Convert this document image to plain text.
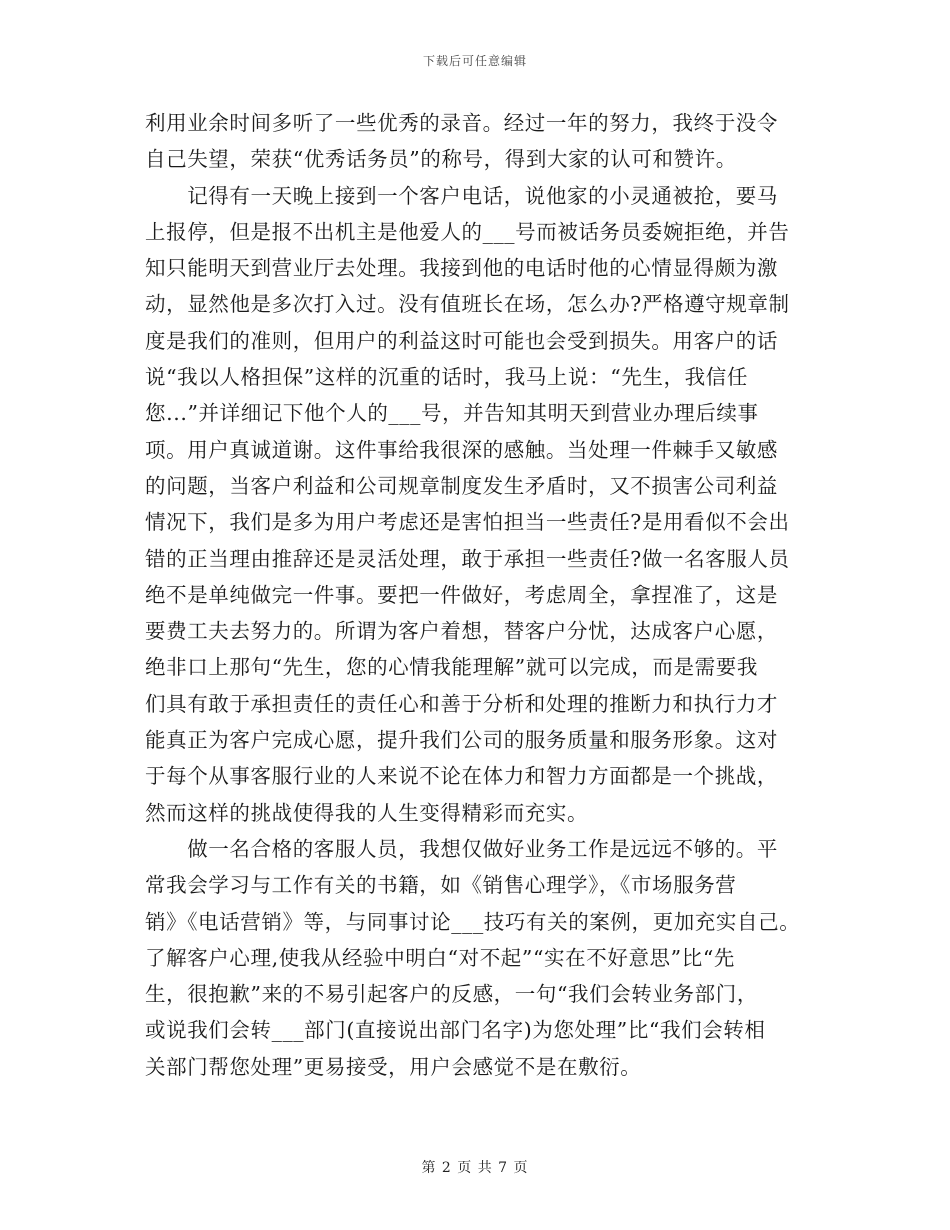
下载后可任意编辑
利用业余时间多听了一些优秀的录音。经过一年的努力，我终于没令
自己失望，荣获“优秀话务员”的称号，得到大家的认可和赞许。
　　记得有一天晚上接到一个客户电话，说他家的小灵通被抢，要马
上报停，但是报不出机主是他爱人的___号而被话务员委婉拒绝，并告
知只能明天到营业厅去处理。我接到他的电话时他的心情显得颇为激
动，显然他是多次打入过。没有值班长在场，怎么办?严格遵守规章制
度是我们的准则，但用户的利益这时可能也会受到损失。用客户的话
说“我以人格担保”这样的沉重的话时，我马上说：“先生，我信任
您...”并详细记下他个人的___号，并告知其明天到营业办理后续事
项。用户真诚道谢。这件事给我很深的感触。当处理一件棘手又敏感
的问题，当客户利益和公司规章制度发生矛盾时，又不损害公司利益
情况下，我们是多为用户考虑还是害怕担当一些责任?是用看似不会出
错的正当理由推辞还是灵活处理，敢于承担一些责任?做一名客服人员
绝不是单纯做完一件事。要把一件做好，考虑周全，拿捏准了，这是
要费工夫去努力的。所谓为客户着想，替客户分忧，达成客户心愿，
绝非口上那句“先生，您的心情我能理解”就可以完成，而是需要我
们具有敢于承担责任的责任心和善于分析和处理的推断力和执行力才
能真正为客户完成心愿，提升我们公司的服务质量和服务形象。这对
于每个从事客服行业的人来说不论在体力和智力方面都是一个挑战，
然而这样的挑战使得我的人生变得精彩而充实。
　　做一名合格的客服人员，我想仅做好业务工作是远远不够的。平
常我会学习与工作有关的书籍，如《销售心理学》，《市场服务营
销》《电话营销》等，与同事讨论___技巧有关的案例，更加充实自己。
了解客户心理,使我从经验中明白“对不起”“实在不好意思”比“先
生，很抱歉”来的不易引起客户的反感，一句“我们会转业务部门，
或说我们会转___部门(直接说出部门名字)为您处理”比“我们会转相
关部门帮您处理”更易接受，用户会感觉不是在敷衍。
第 2 页 共 7 页
